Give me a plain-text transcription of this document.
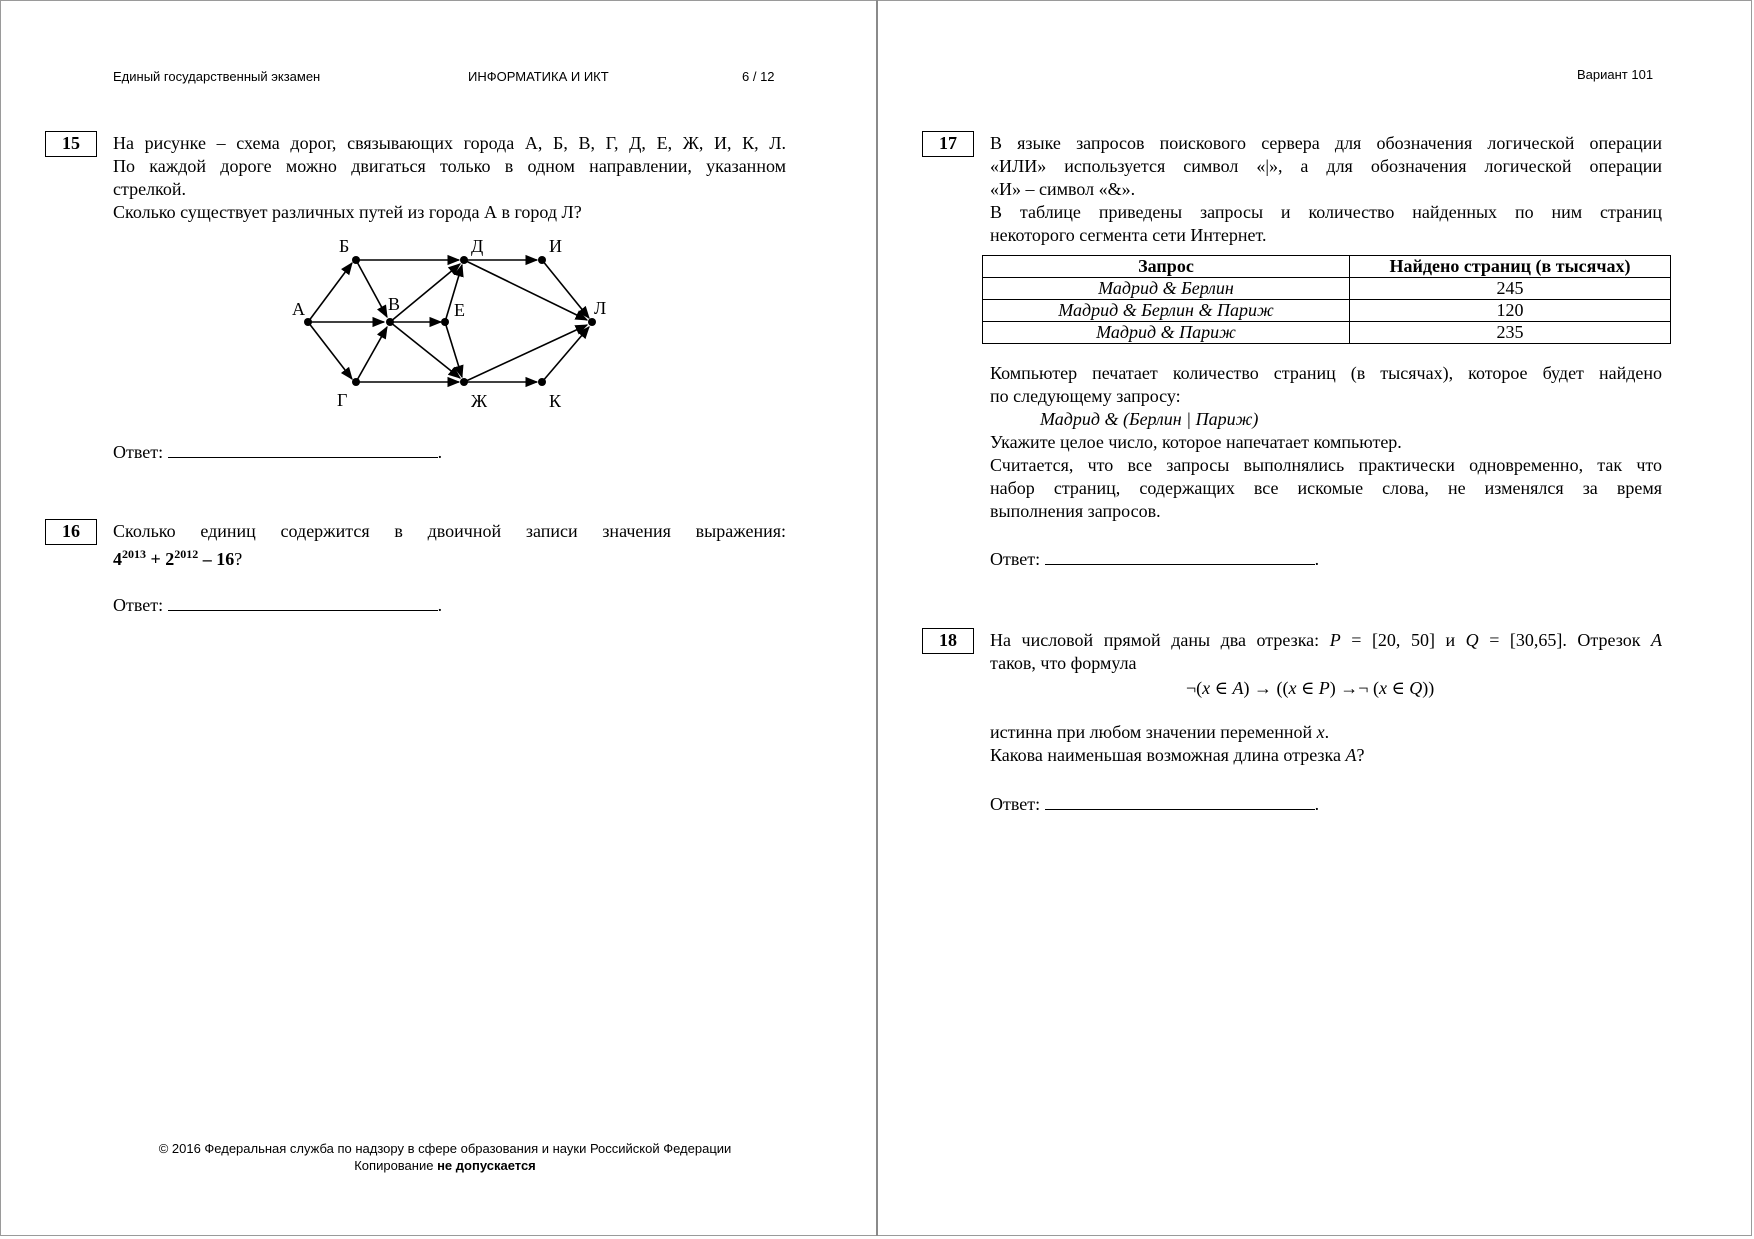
Единый государственный экзамен	ИНФОРМАТИКА И ИКТ	6 / 12	Вариант 101
15	На рисунке – схема дорог, связывающих города А, Б, В, Г, Д, Е, Ж, И, К, Л.
По каждой дороге можно двигаться только в одном направлении, указанном
стрелкой.
Сколько существует различных путей из города А в город Л?
А
Б
В
Г
Д
Е
Ж
И
К
Л
Ответ:	.
16	Сколько единиц содержится в двоичной записи значения выражения:
$4^{2013} + 2^{2012} - 16$?
Ответ:	.
17	В языке запросов поискового сервера для обозначения логической операции
«ИЛИ» используется символ «|», а для обозначения логической операции
«И» – символ «&».
В таблице приведены запросы и количество найденных по ним страниц
некоторого сегмента сети Интернет.
Запрос	Найдено страниц (в тысячах)
Мадрид & Берлин	245
Мадрид & Берлин & Париж	120
Мадрид & Париж	235
Компьютер печатает количество страниц (в тысячах), которое будет найдено
по следующему запросу:
Мадрид & (Берлин | Париж)
Укажите целое число, которое напечатает компьютер.
Считается, что все запросы выполнялись практически одновременно, так что
набор страниц, содержащих все искомые слова, не изменялся за время
выполнения запросов.
Ответ:	.
18	На числовой прямой даны два отрезка: P = [20, 50] и Q = [30,65]. Отрезок A
таков, что формула
¬(x ∈ A) → ((x ∈ P) →¬ (x ∈ Q))
истинна при любом значении переменной x.
Какова наименьшая возможная длина отрезка A?
Ответ:	.
© 2016 Федеральная служба по надзору в сфере образования и науки Российской Федерации
Копирование не допускается
